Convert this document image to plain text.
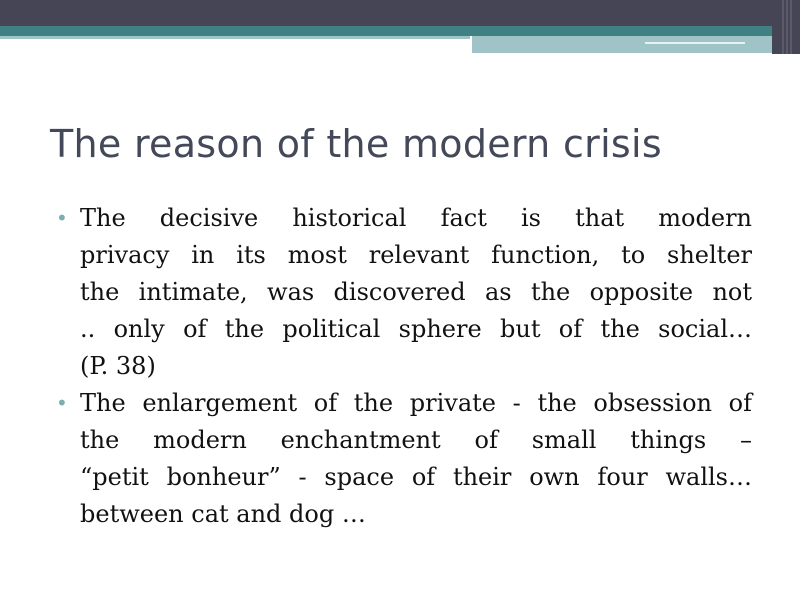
The reason of the modern crisis
• The decisive historical fact is that modern
privacy in its most relevant function, to shelter
the intimate, was discovered as the opposite not
.. only of the political sphere but of the social…
(P. 38)
• The enlargement of the private - the obsession of
the modern enchantment of small things –
“petit bonheur” - space of their own four walls…
between cat and dog …
